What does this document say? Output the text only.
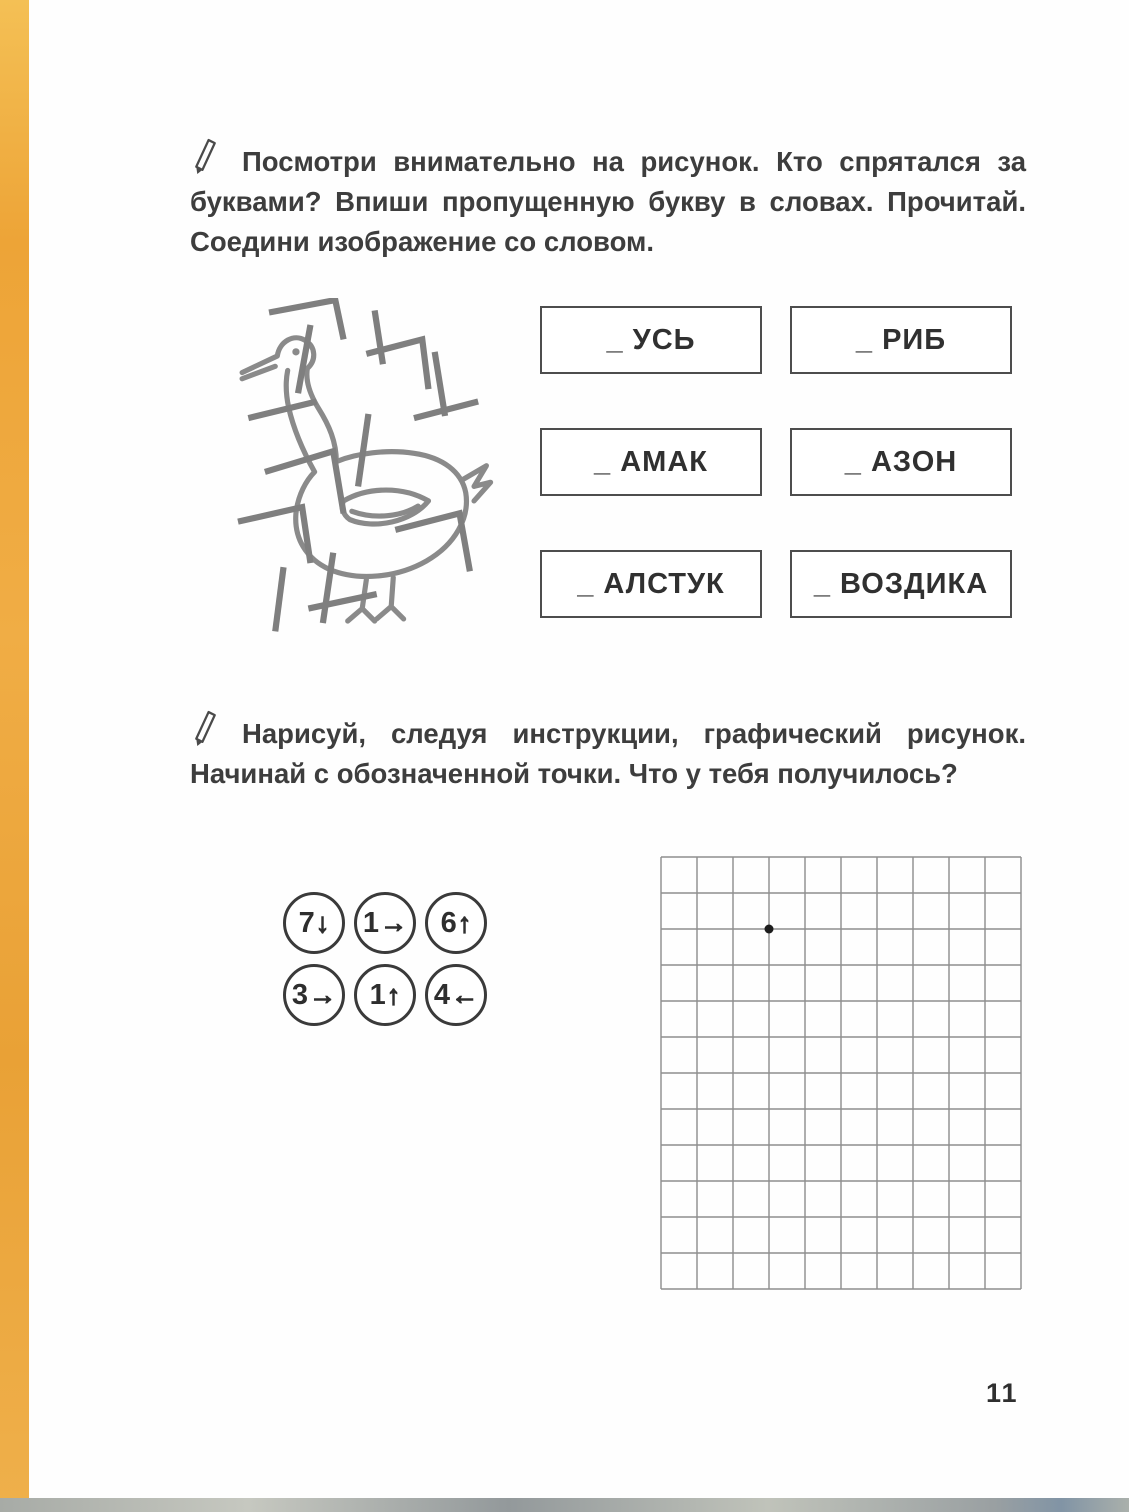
Посмотри внимательно на рисунок. Кто спрятался за буквами? Впиши пропущенную букву в словах. Прочитай. Соедини изображение со словом.

_ УСЬ	_ РИБ
_ АМАК	_ АЗОН
_ АЛСТУК	_ ВОЗДИКА

Нарисуй, следуя инструкции, графический рисунок. Начинай с обозначенной точки. Что у тебя получилось?

7 ↓ 1 → 6 ↑
3 → 1 ↑ 4 ←
11
